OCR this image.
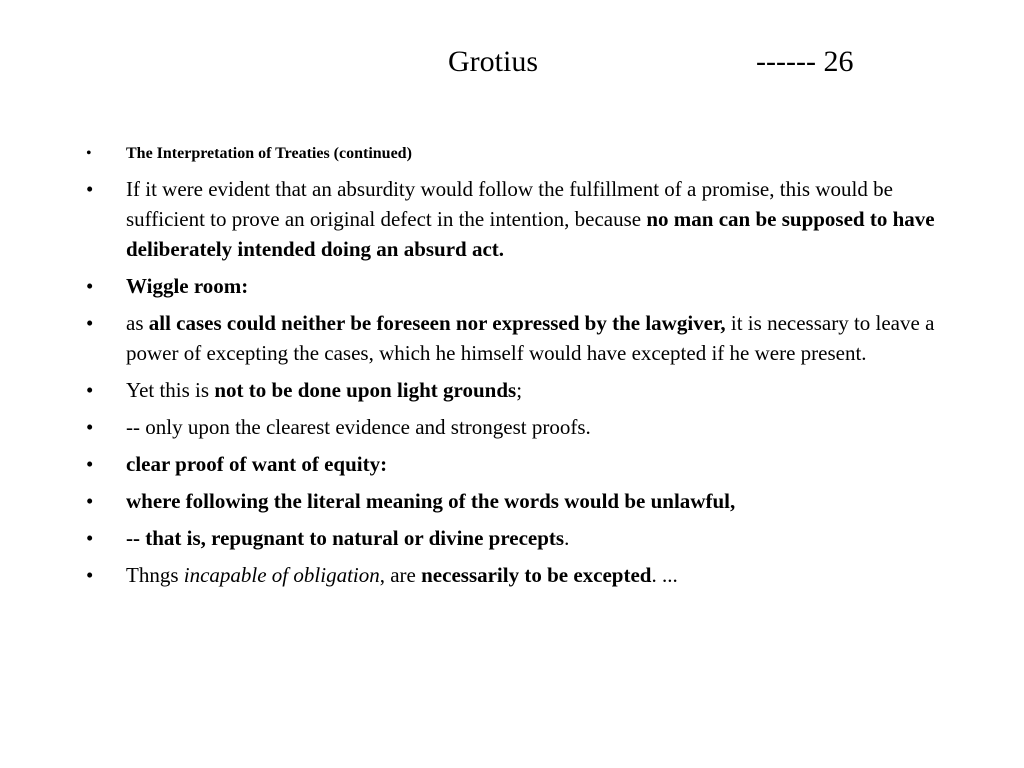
Grotius	------ 26
• The Interpretation of Treaties (continued)
• If it were evident that an absurdity would follow the fulfillment of a promise, this would be sufficient to prove an original defect in the intention, because no man can be supposed to have deliberately intended doing an absurd act.
• Wiggle room:
• as all cases could neither be foreseen nor expressed by the lawgiver, it is necessary to leave a power of excepting the cases, which he himself would have excepted if he were present.
• Yet this is not to be done upon light grounds;
• -- only upon the clearest evidence and strongest proofs.
• clear proof of want of equity:
• where following the literal meaning of the words would be unlawful,
• -- that is, repugnant to natural or divine precepts.
• Thngs incapable of obligation, are necessarily to be excepted. ...
